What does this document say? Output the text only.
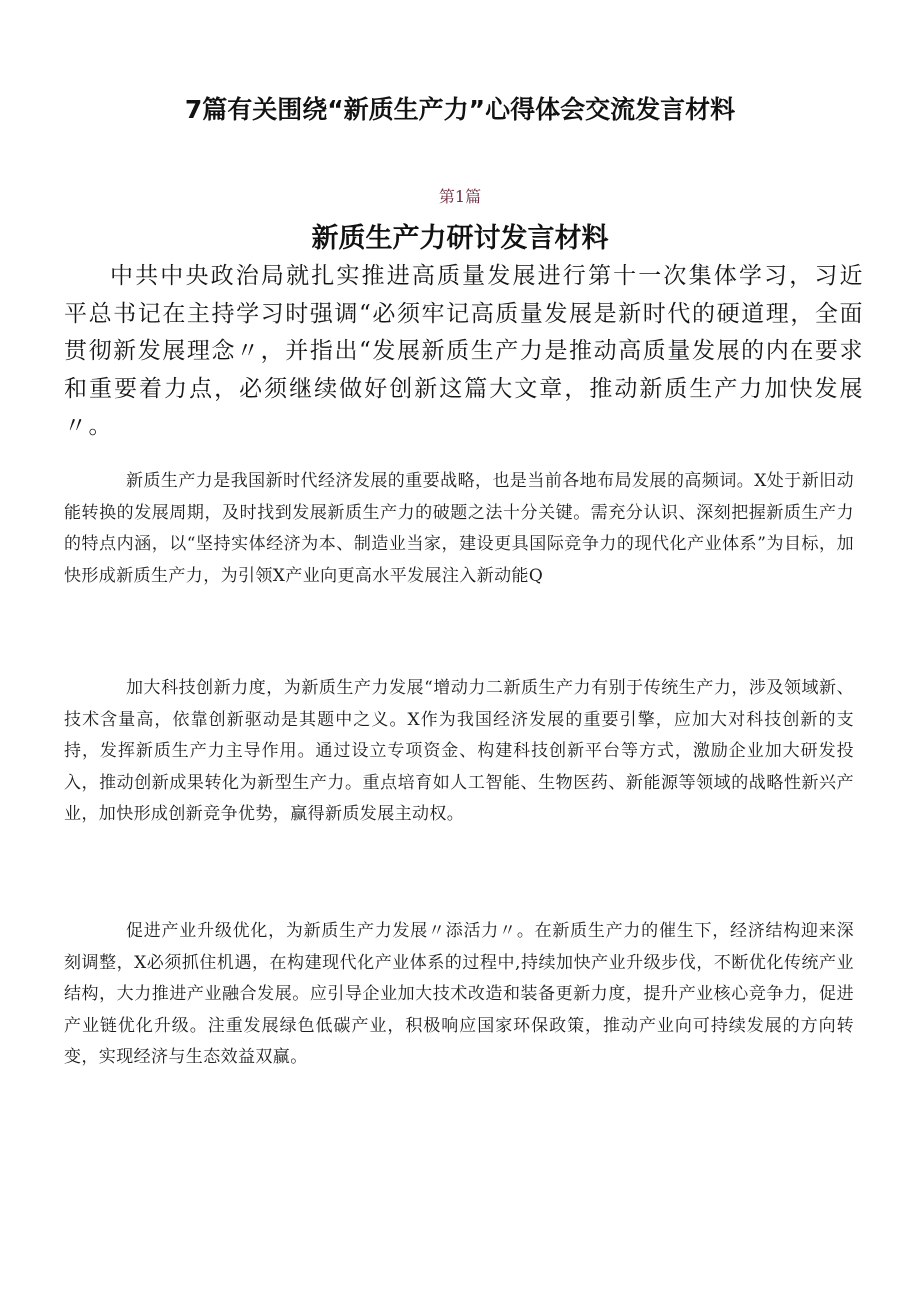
7篇有关围绕“新质生产力”心得体会交流发言材料
第1篇
新质生产力研讨发言材料

中共中央政治局就扎实推进高质量发展进行第十一次集体学习，习近平总书记在主持学习时强调“必须牢记高质量发展是新时代的硬道理，全面贯彻新发展理念〃，并指出“发展新质生产力是推动高质量发展的内在要求和重要着力点，必须继续做好创新这篇大文章，推动新质生产力加快发展〃。

新质生产力是我国新时代经济发展的重要战略，也是当前各地布局发展的高频词。X处于新旧动能转换的发展周期，及时找到发展新质生产力的破题之法十分关键。需充分认识、深刻把握新质生产力的特点内涵，以“坚持实体经济为本、制造业当家，建设更具国际竞争力的现代化产业体系”为目标，加快形成新质生产力，为引领X产业向更高水平发展注入新动能Q

加大科技创新力度，为新质生产力发展“增动力二新质生产力有别于传统生产力，涉及领域新、技术含量高，依靠创新驱动是其题中之义。X作为我国经济发展的重要引擎，应加大对科技创新的支持，发挥新质生产力主导作用。通过设立专项资金、构建科技创新平台等方式，激励企业加大研发投入，推动创新成果转化为新型生产力。重点培育如人工智能、生物医药、新能源等领域的战略性新兴产业，加快形成创新竞争优势，赢得新质发展主动权。

促进产业升级优化，为新质生产力发展〃添活力〃。在新质生产力的催生下，经济结构迎来深刻调整，X必须抓住机遇，在构建现代化产业体系的过程中,持续加快产业升级步伐，不断优化传统产业结构，大力推进产业融合发展。应引导企业加大技术改造和装备更新力度，提升产业核心竞争力，促进产业链优化升级。注重发展绿色低碳产业，积极响应国家环保政策，推动产业向可持续发展的方向转变，实现经济与生态效益双赢。
